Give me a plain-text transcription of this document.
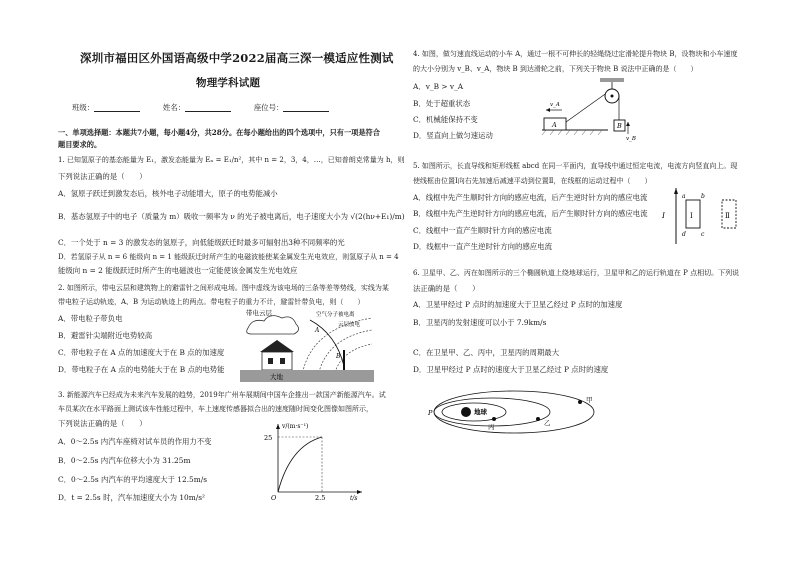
深圳市福田区外国语高级中学2022届高三深一模适应性测试
物理学科试题
班级：	姓名：	座位号：
一、单项选择题：本题共7小题，每小题4分，共28分。在每小题给出的四个选项中，只有一项是符合
题目要求的。
1. 已知氢原子的基态能量为 E₁，激发态能量为 Eₙ = E₁/n²，其中 n = 2，3，4，…，已知普朗克常量为 h，则
下列说法正确的是（　　）
A．氢原子跃迁到激发态后，核外电子动能增大，原子的电势能减小
B．基态氢原子中的电子（质量为 m）吸收一频率为 ν 的光子被电离后，电子速度大小为 √(2(hν+E₁)/m)
C．一个处于 n = 3 的激发态的氢原子，向低能级跃迁时最多可辐射出3种不同频率的光
D．若氢原子从 n = 6 能级向 n = 1 能级跃迁时所产生的电磁波能使某金属发生光电效应，则氢原子从 n = 4
能级向 n = 2 能级跃迁时所产生的电磁波也一定能使该金属发生光电效应
2. 如图所示，带电云层和建筑物上的避雷针之间形成电场。图中虚线为该电场的三条等差等势线，实线为某
带电粒子运动轨迹，A、B 为运动轨迹上的两点。带电粒子的重力不计，避雷针带负电，则（　　）
A．带电粒子带负电
B．避雷针尖端附近电势较高
C．带电粒子在 A 点的加速度大于在 B 点的加速度
D．带电粒子在 A 点的电势能大于在 B 点的电势能
带电云层
A
B
空气分子被电离
云层放电
大地
3. 新能源汽车已经成为未来汽车发展的趋势，2019年广州车展期间中国车企推出一款国产新能源汽车。试
车员某次在水平路面上测试该车性能过程中，车上速度传感器拟合出的速度随时间变化图像如图所示，
下列说法正确的是（　　）
A．0～2.5s 内汽车座椅对试车员的作用力不变
B．0～2.5s 内汽车位移大小为 31.25m
C．0～2.5s 内汽车的平均速度大于 12.5m/s
D．t = 2.5s 时，汽车加速度大小为 10m/s²
25
2.5
O
v/(m·s⁻¹)
t/s
4. 如图，做匀速直线运动的小车 A，通过一根不可伸长的轻绳绕过定滑轮提升物块 B，设物块和小车速度
的大小分别为 v_B、v_A，物块 B 到达滑轮之前，下列关于物块 B 说法中正确的是（　　）
A．v_B > v_A
B．处于超重状态
C．机械能保持不变
D．竖直向上做匀速运动
A
v_A
B
v_B
5. 如图所示，长直导线和矩形线框 abcd 在同一平面内，直导线中通过恒定电流，电流方向竖直向上。现
使线框由位置Ⅰ向右先加速后减速平动到位置Ⅱ，在线框的运动过程中（　　）
A．线框中先产生顺时针方向的感应电流，后产生逆时针方向的感应电流
B．线框中先产生逆时针方向的感应电流，后产生顺时针方向的感应电流
C．线框中一直产生顺时针方向的感应电流
D．线框中一直产生逆时针方向的感应电流
I	Ⅰ
a	b
d	c
Ⅱ
6. 卫星甲、乙、丙在如图所示的三个椭圆轨道上绕地球运行，卫星甲和乙的运行轨道在 P 点相切。下列说
法正确的是（　　）
A．卫星甲经过 P 点时的加速度大于卫星乙经过 P 点时的加速度
B．卫星丙的发射速度可以小于 7.9km/s
C．在卫星甲、乙、丙中，卫星丙的周期最大
D．卫星甲经过 P 点时的速度大于卫星乙经过 P 点时的速度
地球
P
甲
乙
丙
